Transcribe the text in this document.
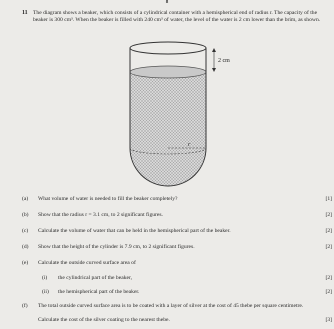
8
11 The diagram shows a beaker, which consists of a cylindrical container with a hemispherical end of radius r. The capacity of the beaker is 300 cm³. When the beaker is filled with 240 cm³ of water, the level of the water is 2 cm lower than the brim, as shown.
r
2 cm
(a)	What volume of water is needed to fill the beaker completely?	[1]
(b)	Show that the radius r = 3.1 cm, to 2 significant figures.	[2]
(c)	Calculate the volume of water that can be held in the hemispherical part of the beaker.	[2]
(d)	Show that the height of the cylinder is 7.9 cm, to 2 significant figures.	[2]
(e)	Calculate the outside curved surface area of
(i)	the cylindrical part of the beaker,	[2]
(ii)	the hemispherical part of the beaker.	[2]
(f)	The total outside curved surface area is to be coated with a layer of silver at the cost of 45 thebe per square centimetre.
Calculate the cost of the silver coating to the nearest thebe.	[3]
